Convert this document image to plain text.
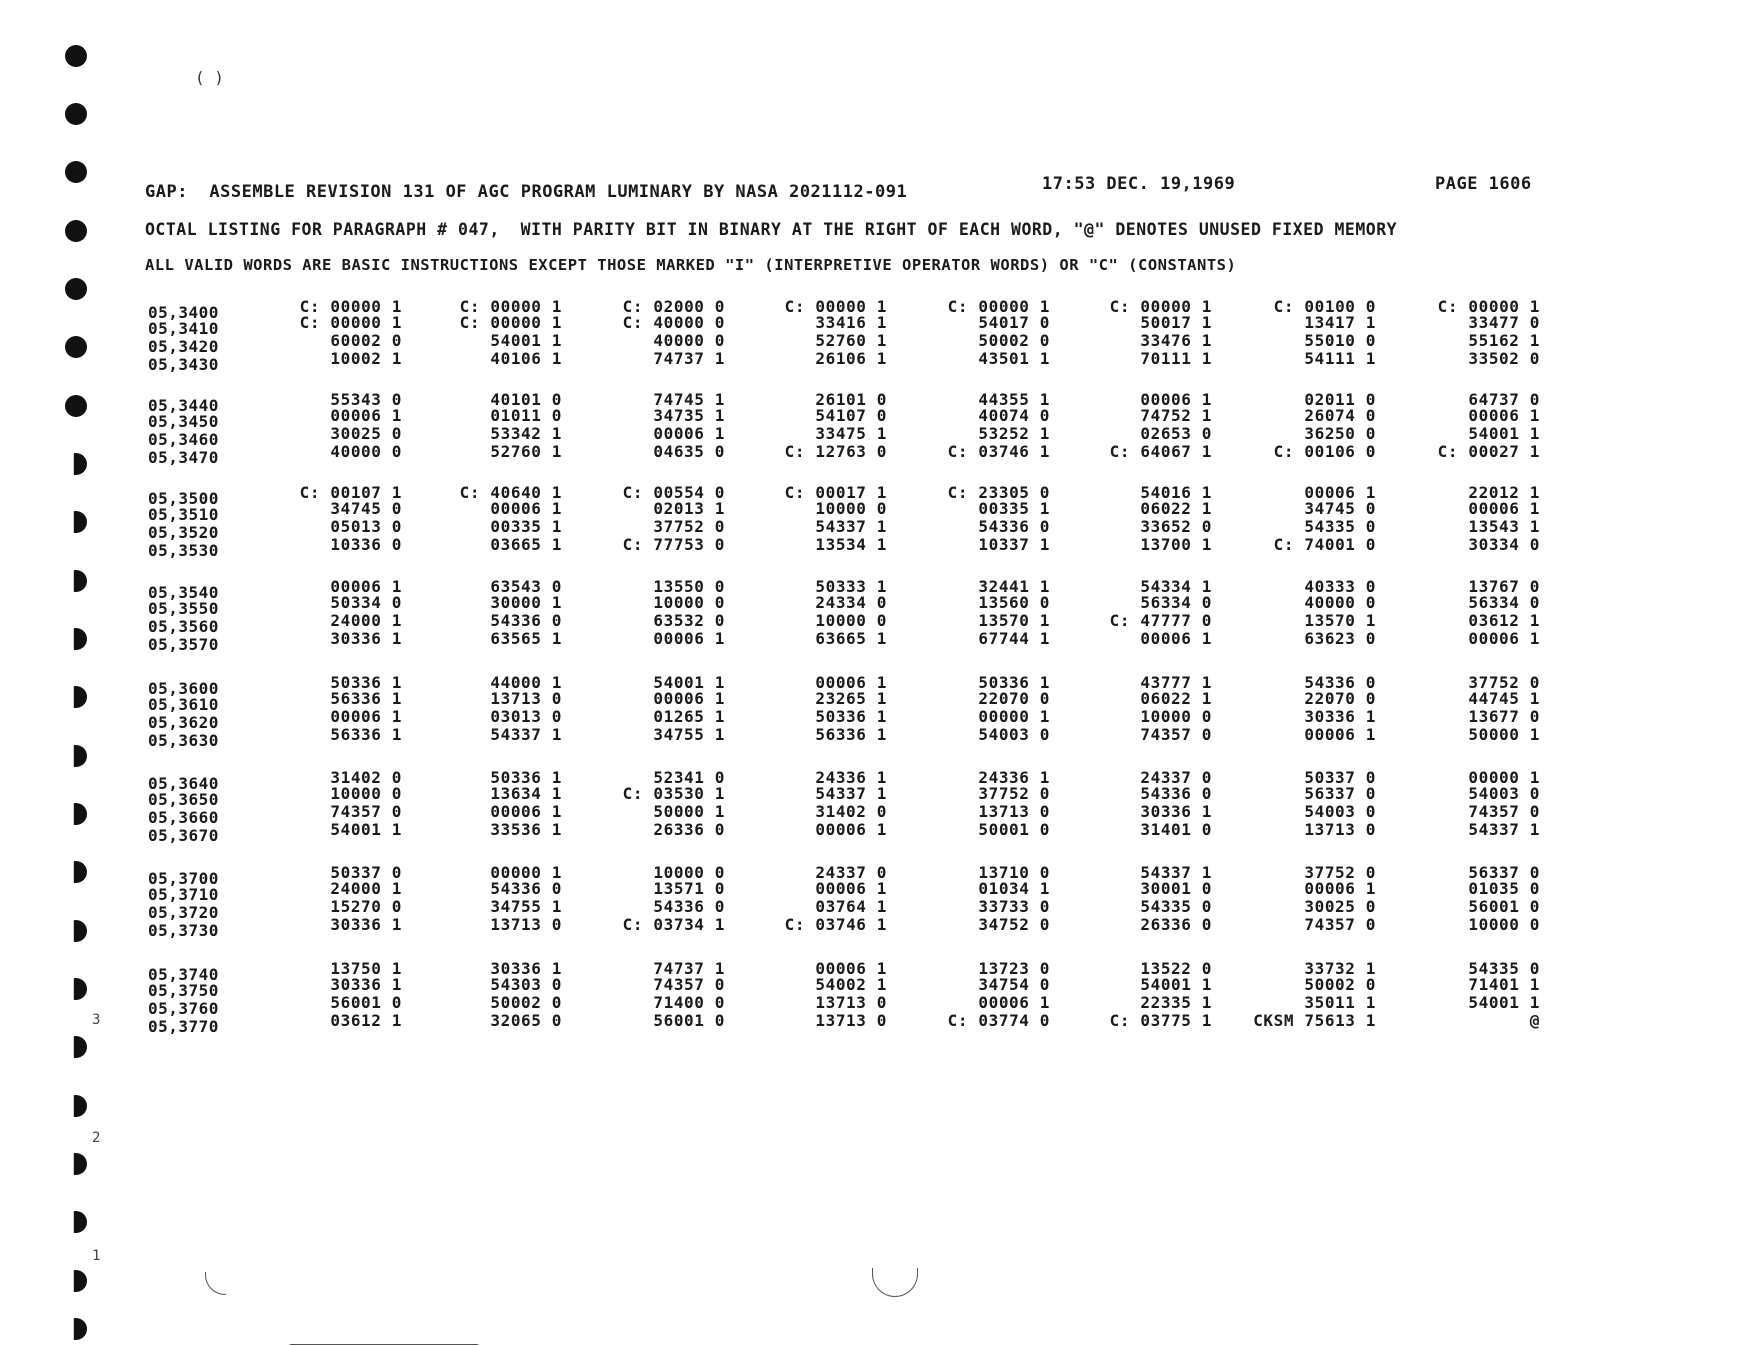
( )
3
2
1
GAP:  ASSEMBLE REVISION 131 OF AGC PROGRAM LUMINARY BY NASA 2021112-091	17:53 DEC. 19,1969	PAGE 1606
OCTAL LISTING FOR PARAGRAPH # 047,  WITH PARITY BIT IN BINARY AT THE RIGHT OF EACH WORD, "@" DENOTES UNUSED FIXED MEMORY
ALL VALID WORDS ARE BASIC INSTRUCTIONS EXCEPT THOSE MARKED "I" (INTERPRETIVE OPERATOR WORDS) OR "C" (CONSTANTS)
05,3400	C: 00000 1	C: 00000 1	C: 02000 0	C: 00000 1	C: 00000 1	C: 00000 1	C: 00100 0	C: 00000 1
05,3410	C: 00000 1	C: 00000 1	C: 40000 0	33416 1	54017 0	50017 1	13417 1	33477 0
05,3420	60002 0	54001 1	40000 0	52760 1	50002 0	33476 1	55010 0	55162 1
05,3430	10002 1	40106 1	74737 1	26106 1	43501 1	70111 1	54111 1	33502 0
05,3440	55343 0	40101 0	74745 1	26101 0	44355 1	00006 1	02011 0	64737 0
05,3450	00006 1	01011 0	34735 1	54107 0	40074 0	74752 1	26074 0	00006 1
05,3460	30025 0	53342 1	00006 1	33475 1	53252 1	02653 0	36250 0	54001 1
05,3470	40000 0	52760 1	04635 0	C: 12763 0	C: 03746 1	C: 64067 1	C: 00106 0	C: 00027 1
05,3500	C: 00107 1	C: 40640 1	C: 00554 0	C: 00017 1	C: 23305 0	54016 1	00006 1	22012 1
05,3510	34745 0	00006 1	02013 1	10000 0	00335 1	06022 1	34745 0	00006 1
05,3520	05013 0	00335 1	37752 0	54337 1	54336 0	33652 0	54335 0	13543 1
05,3530	10336 0	03665 1	C: 77753 0	13534 1	10337 1	13700 1	C: 74001 0	30334 0
05,3540	00006 1	63543 0	13550 0	50333 1	32441 1	54334 1	40333 0	13767 0
05,3550	50334 0	30000 1	10000 0	24334 0	13560 0	56334 0	40000 0	56334 0
05,3560	24000 1	54336 0	63532 0	10000 0	13570 1	C: 47777 0	13570 1	03612 1
05,3570	30336 1	63565 1	00006 1	63665 1	67744 1	00006 1	63623 0	00006 1
05,3600	50336 1	44000 1	54001 1	00006 1	50336 1	43777 1	54336 0	37752 0
05,3610	56336 1	13713 0	00006 1	23265 1	22070 0	06022 1	22070 0	44745 1
05,3620	00006 1	03013 0	01265 1	50336 1	00000 1	10000 0	30336 1	13677 0
05,3630	56336 1	54337 1	34755 1	56336 1	54003 0	74357 0	00006 1	50000 1
05,3640	31402 0	50336 1	52341 0	24336 1	24336 1	24337 0	50337 0	00000 1
05,3650	10000 0	13634 1	C: 03530 1	54337 1	37752 0	54336 0	56337 0	54003 0
05,3660	74357 0	00006 1	50000 1	31402 0	13713 0	30336 1	54003 0	74357 0
05,3670	54001 1	33536 1	26336 0	00006 1	50001 0	31401 0	13713 0	54337 1
05,3700	50337 0	00000 1	10000 0	24337 0	13710 0	54337 1	37752 0	56337 0
05,3710	24000 1	54336 0	13571 0	00006 1	01034 1	30001 0	00006 1	01035 0
05,3720	15270 0	34755 1	54336 0	03764 1	33733 0	54335 0	30025 0	56001 0
05,3730	30336 1	13713 0	C: 03734 1	C: 03746 1	34752 0	26336 0	74357 0	10000 0
05,3740	13750 1	30336 1	74737 1	00006 1	13723 0	13522 0	33732 1	54335 0
05,3750	30336 1	54303 0	74357 0	54002 1	34754 0	54001 1	50002 0	71401 1
05,3760	56001 0	50002 0	71400 0	13713 0	00006 1	22335 1	35011 1	54001 1
05,3770	03612 1	32065 0	56001 0	13713 0	C: 03774 0	C: 03775 1	CKSM 75613 1	@
